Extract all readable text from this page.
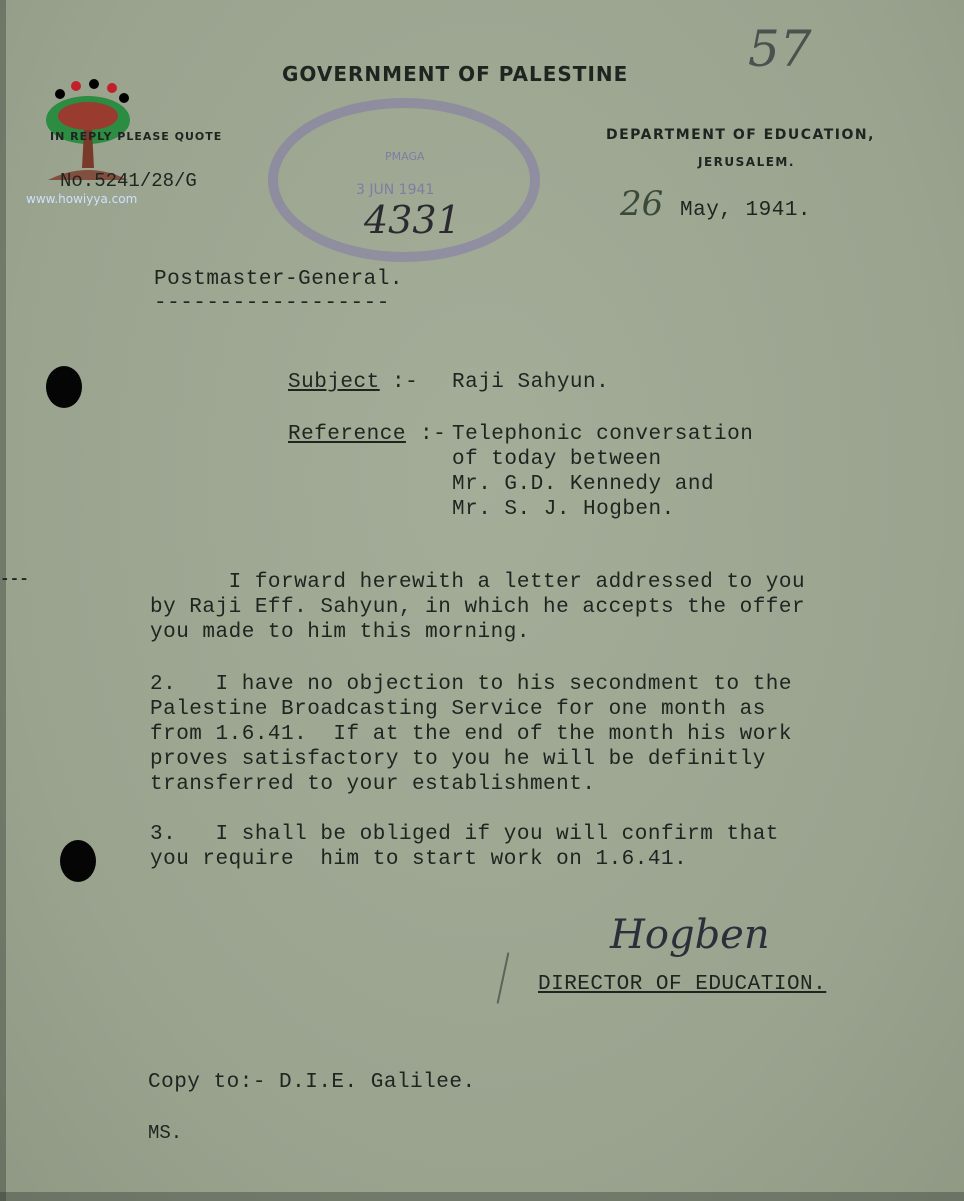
PMAGA
3 JUN 1941
4331
www.howiyya.com
GOVERNMENT OF PALESTINE 57
IN REPLY PLEASE QUOTE
No.5241/28/G
DEPARTMENT OF EDUCATION,
JERUSALEM.
26 May, 1941.
Postmaster-General.
------------------
---
Subject :- Raji Sahyun.
Reference :- Telephonic conversation
of today between
Mr. G.D. Kennedy and
Mr. S. J. Hogben.
I forward herewith a letter addressed to you
by Raji Eff. Sahyun, in which he accepts the offer
you made to him this morning.
2.   I have no objection to his secondment to the
Palestine Broadcasting Service for one month as
from 1.6.41.  If at the end of the month his work
proves satisfactory to you he will be definitly
transferred to your establishment.
3.   I shall be obliged if you will confirm that
you require  him to start work on 1.6.41.
Hogben
DIRECTOR OF EDUCATION.
Copy to:- D.I.E. Galilee.
MS.
